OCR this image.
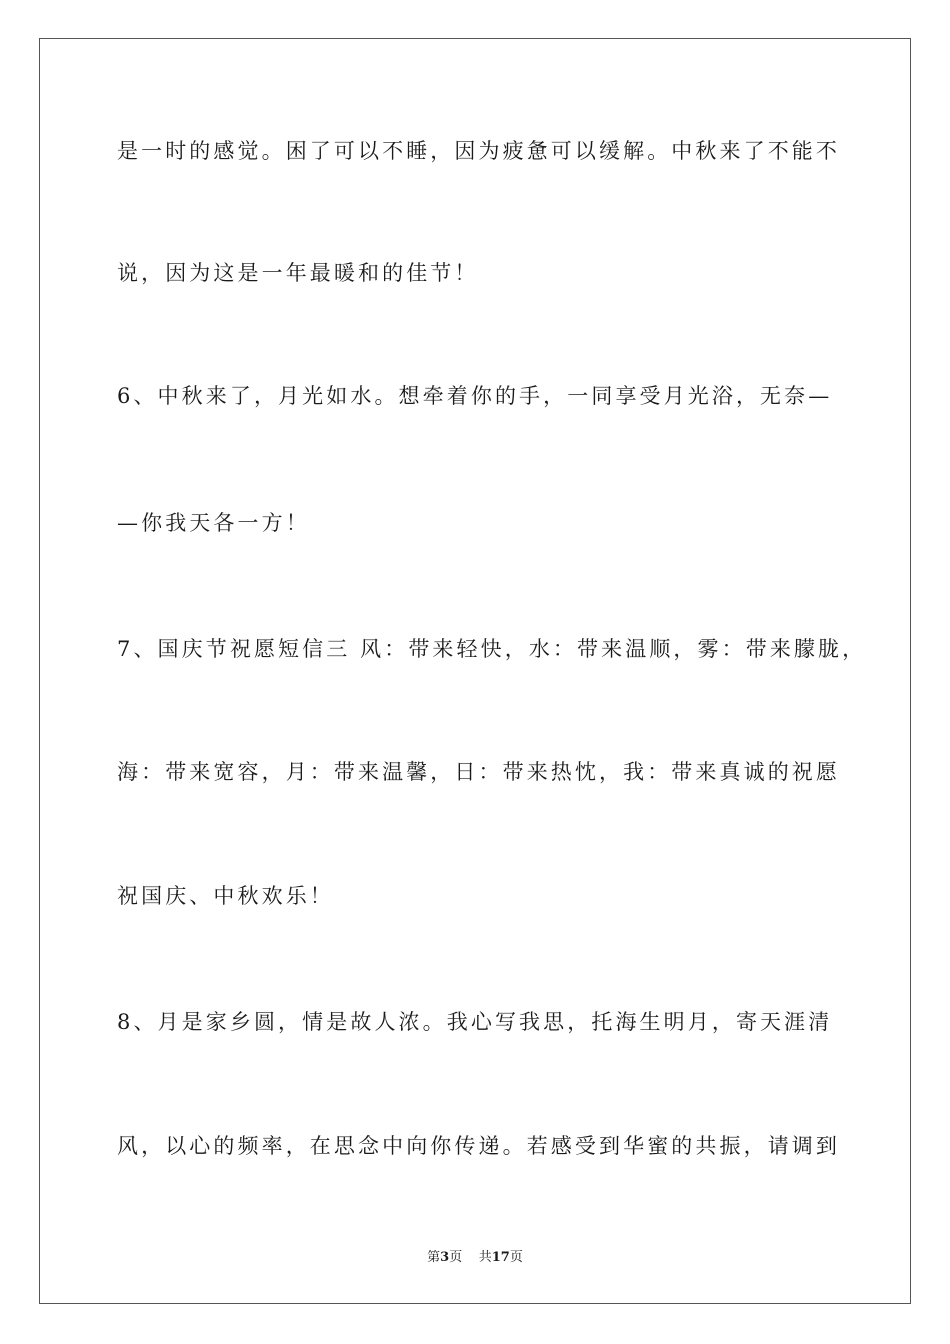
是一时的感觉。困了可以不睡，因为疲惫可以缓解。中秋来了不能不
说，因为这是一年最暖和的佳节！
6、中秋来了，月光如水。想牵着你的手，一同享受月光浴，无奈—
—你我天各一方！
7、国庆节祝愿短信三 风：带来轻快，水：带来温顺，雾：带来朦胧，
海：带来宽容，月：带来温馨，日：带来热忱，我：带来真诚的祝愿
祝国庆、中秋欢乐！
8、月是家乡圆，情是故人浓。我心写我思，托海生明月，寄天涯清
风，以心的频率，在思念中向你传递。若感受到华蜜的共振，请调到
第3页 共17页
